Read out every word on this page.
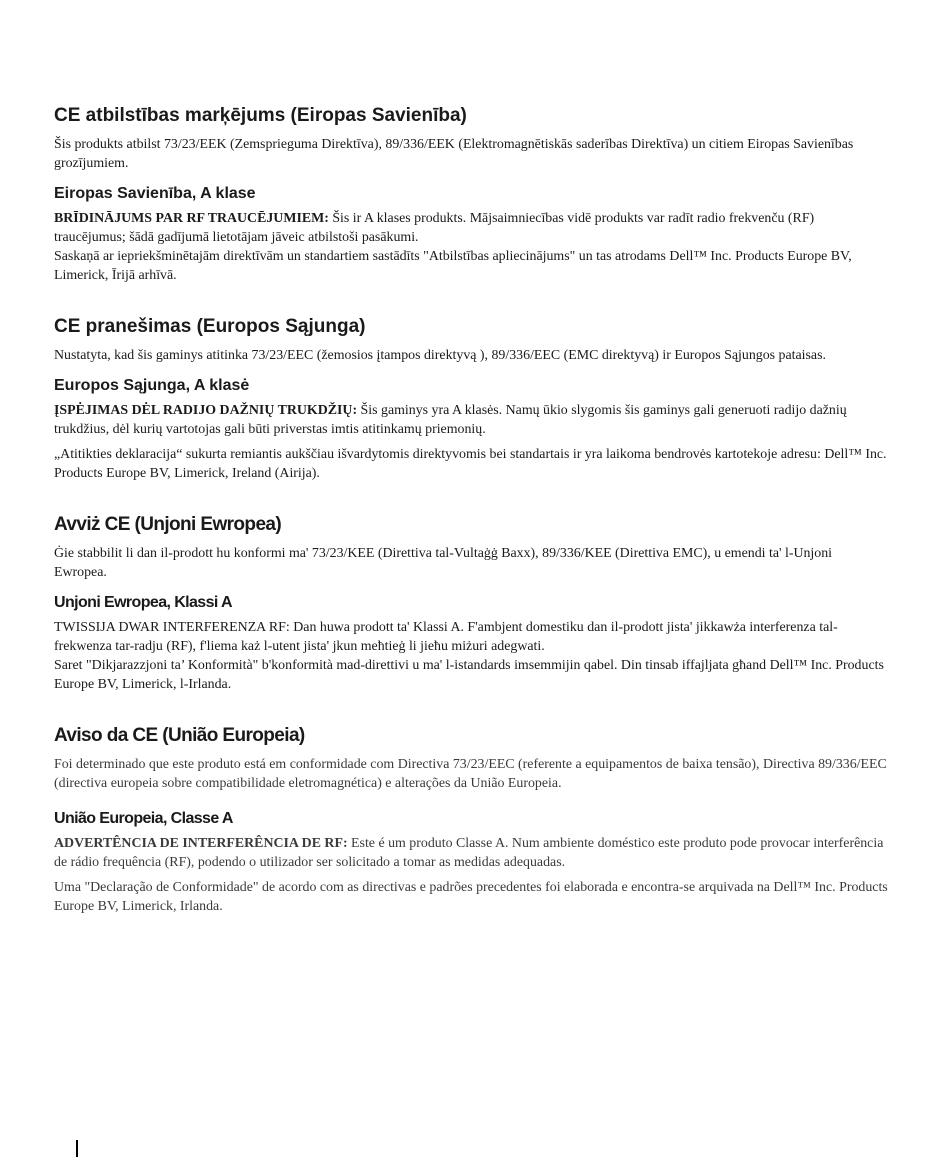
CE atbilstības marķējums (Eiropas Savienība)

Šis produkts atbilst 73/23/EEK (Zemsprieguma Direktīva), 89/336/EEK (Elektromagnētiskās saderības Direktīva) un citiem Eiropas Savienības grozījumiem.

Eiropas Savienība, A klase

BRĪDINĀJUMS PAR RF TRAUCĒJUMIEM: Šis ir A klases produkts. Mājsaimniecības vidē produkts var radīt radio frekvenču (RF) traucējumus; šādā gadījumā lietotājam jāveic atbilstoši pasākumi.

Saskaņā ar iepriekšminētajām direktīvām un standartiem sastādīts "Atbilstības apliecinājums" un tas atrodams Dell™ Inc. Products Europe BV, Limerick, Īrijā arhīvā.

CE pranešimas (Europos Sąjunga)

Nustatyta, kad šis gaminys atitinka 73/23/EEC (žemosios įtampos direktyvą ), 89/336/EEC (EMC direktyvą) ir Europos Sąjungos pataisas.

Europos Sąjunga, A klasė

ĮSPĖJIMAS DĖL RADIJO DAŽNIŲ TRUKDŽIŲ: Šis gaminys yra A klasės. Namų ūkio slygomis šis gaminys gali generuoti radijo dažnių trukdžius, dėl kurių vartotojas gali būti priverstas imtis atitinkamų priemonių.

„Atitikties deklaracija“ sukurta remiantis aukščiau išvardytomis direktyvomis bei standartais ir yra laikoma bendrovės kartotekoje adresu: Dell™ Inc. Products Europe BV, Limerick, Ireland (Airija).

Avviż CE (Unjoni Ewropea)

Ġie stabbilit li dan il-prodott hu konformi ma' 73/23/KEE (Direttiva tal-Vultaġġ Baxx), 89/336/KEE (Direttiva EMC), u emendi ta' l-Unjoni Ewropea.

Unjoni Ewropea, Klassi A

TWISSIJA DWAR INTERFERENZA RF: Dan huwa prodott ta' Klassi A. F'ambjent domestiku dan il-prodott jista' jikkawża interferenza tal-frekwenza tar-radju (RF), f'liema każ l-utent jista' jkun meħtieġ li jieħu miżuri adegwati.

Saret "Dikjarazzjoni ta’ Konformità" b'konformità mad-direttivi u ma' l-istandards imsemmijin qabel. Din tinsab iffajljata għand Dell™ Inc. Products Europe BV, Limerick, l-Irlanda.

Aviso da CE (União Europeia)

Foi determinado que este produto está em conformidade com Directiva 73/23/EEC (referente a equipamentos de baixa tensão), Directiva 89/336/EEC (directiva europeia sobre compatibilidade eletromagnética) e alterações da União Europeia.

União Europeia, Classe A

ADVERTÊNCIA DE INTERFERÊNCIA DE RF: Este é um produto Classe A. Num ambiente doméstico este produto pode provocar interferência de rádio frequência (RF), podendo o utilizador ser solicitado a tomar as medidas adequadas.

Uma "Declaração de Conformidade" de acordo com as directivas e padrões precedentes foi elaborada e encontra-se arquivada na Dell™ Inc. Products Europe BV, Limerick, Irlanda.
